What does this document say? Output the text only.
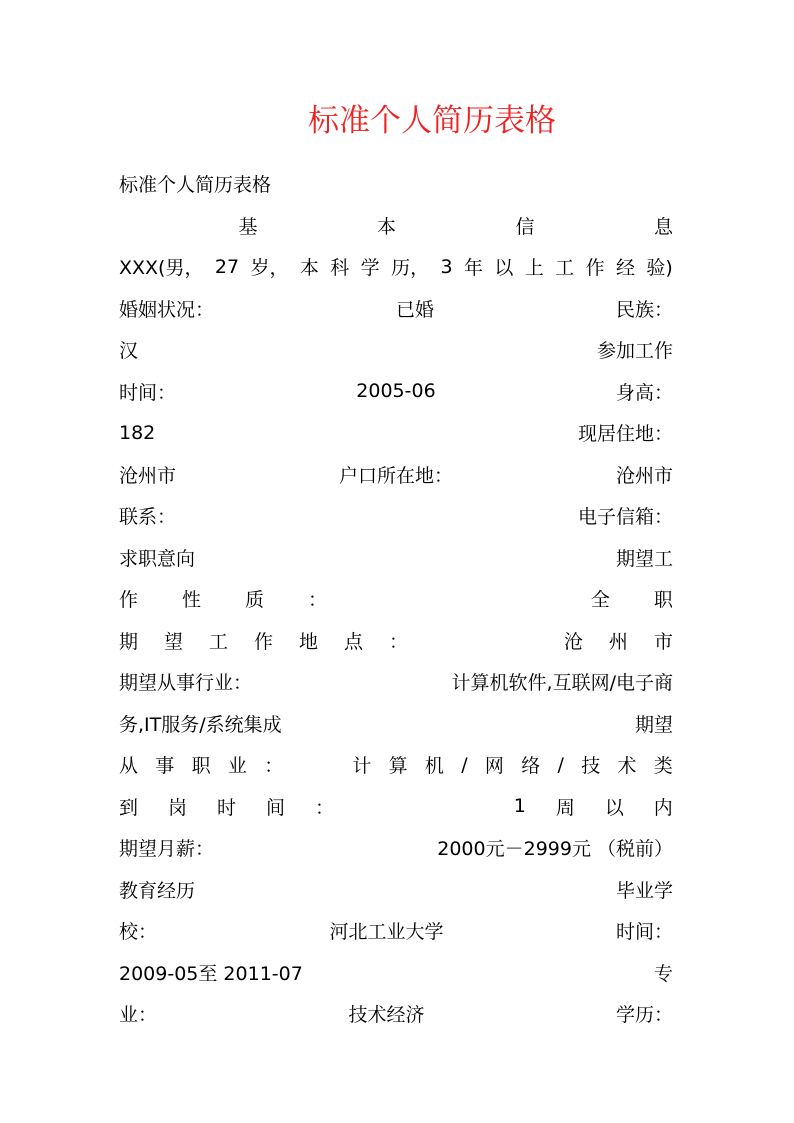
标准个人简历表格
标准个人简历表格
基	本	信	息
XXX(男， 27 岁， 本 科 学 历， 3 年 以 上 工 作 经 验)
婚姻状况：	已婚	民族：
汉	参加工作
时间：	2005-06	身高：
182	现居住地：
沧州市	户口所在地：	沧州市
联系：	电子信箱：
求职意向	期望工
作 性 质 ：	全 职
期 望 工 作 地 点 ：	沧 州 市
期望从事行业：	计算机软件,互联网/电子商
务,IT服务/系统集成	期望
从 事 职 业 ：	计 算 机 / 网 络 / 技 术 类
到 岗 时 间 ：	1 周 以 内
期望月薪：	2000元－2999元 （税前）
教育经历	毕业学
校：	河北工业大学	时间：
2009-05至 2011-07	专
业：	技术经济	学历：
